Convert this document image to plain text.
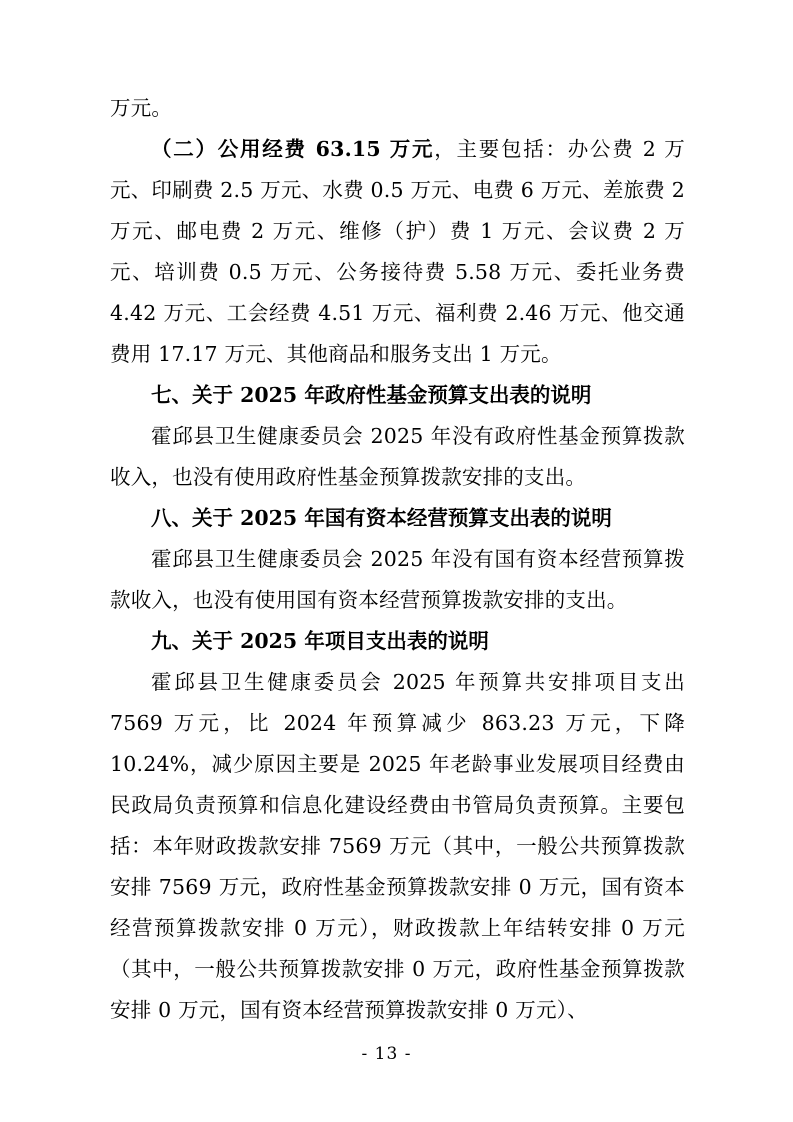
万元。

（二）公用经费 63.15 万元，主要包括：办公费 2 万元、印刷费 2.5 万元、水费 0.5 万元、电费 6 万元、差旅费 2 万元、邮电费 2 万元、维修（护）费 1 万元、会议费 2 万元、培训费 0.5 万元、公务接待费 5.58 万元、委托业务费 4.42 万元、工会经费 4.51 万元、福利费 2.46 万元、他交通费用 17.17 万元、其他商品和服务支出 1 万元。

七、关于 2025 年政府性基金预算支出表的说明

霍邱县卫生健康委员会 2025 年没有政府性基金预算拨款收入，也没有使用政府性基金预算拨款安排的支出。

八、关于 2025 年国有资本经营预算支出表的说明

霍邱县卫生健康委员会 2025 年没有国有资本经营预算拨款收入，也没有使用国有资本经营预算拨款安排的支出。

九、关于 2025 年项目支出表的说明

霍邱县卫生健康委员会 2025 年预算共安排项目支出 7569 万元，比 2024 年预算减少 863.23 万元，下降 10.24%，减少原因主要是 2025 年老龄事业发展项目经费由民政局负责预算和信息化建设经费由书管局负责预算。主要包括：本年财政拨款安排 7569 万元（其中，一般公共预算拨款安排 7569 万元，政府性基金预算拨款安排 0 万元，国有资本经营预算拨款安排 0 万元），财政拨款上年结转安排 0 万元（其中，一般公共预算拨款安排 0 万元，政府性基金预算拨款安排 0 万元，国有资本经营预算拨款安排 0 万元）、

- 13 -
